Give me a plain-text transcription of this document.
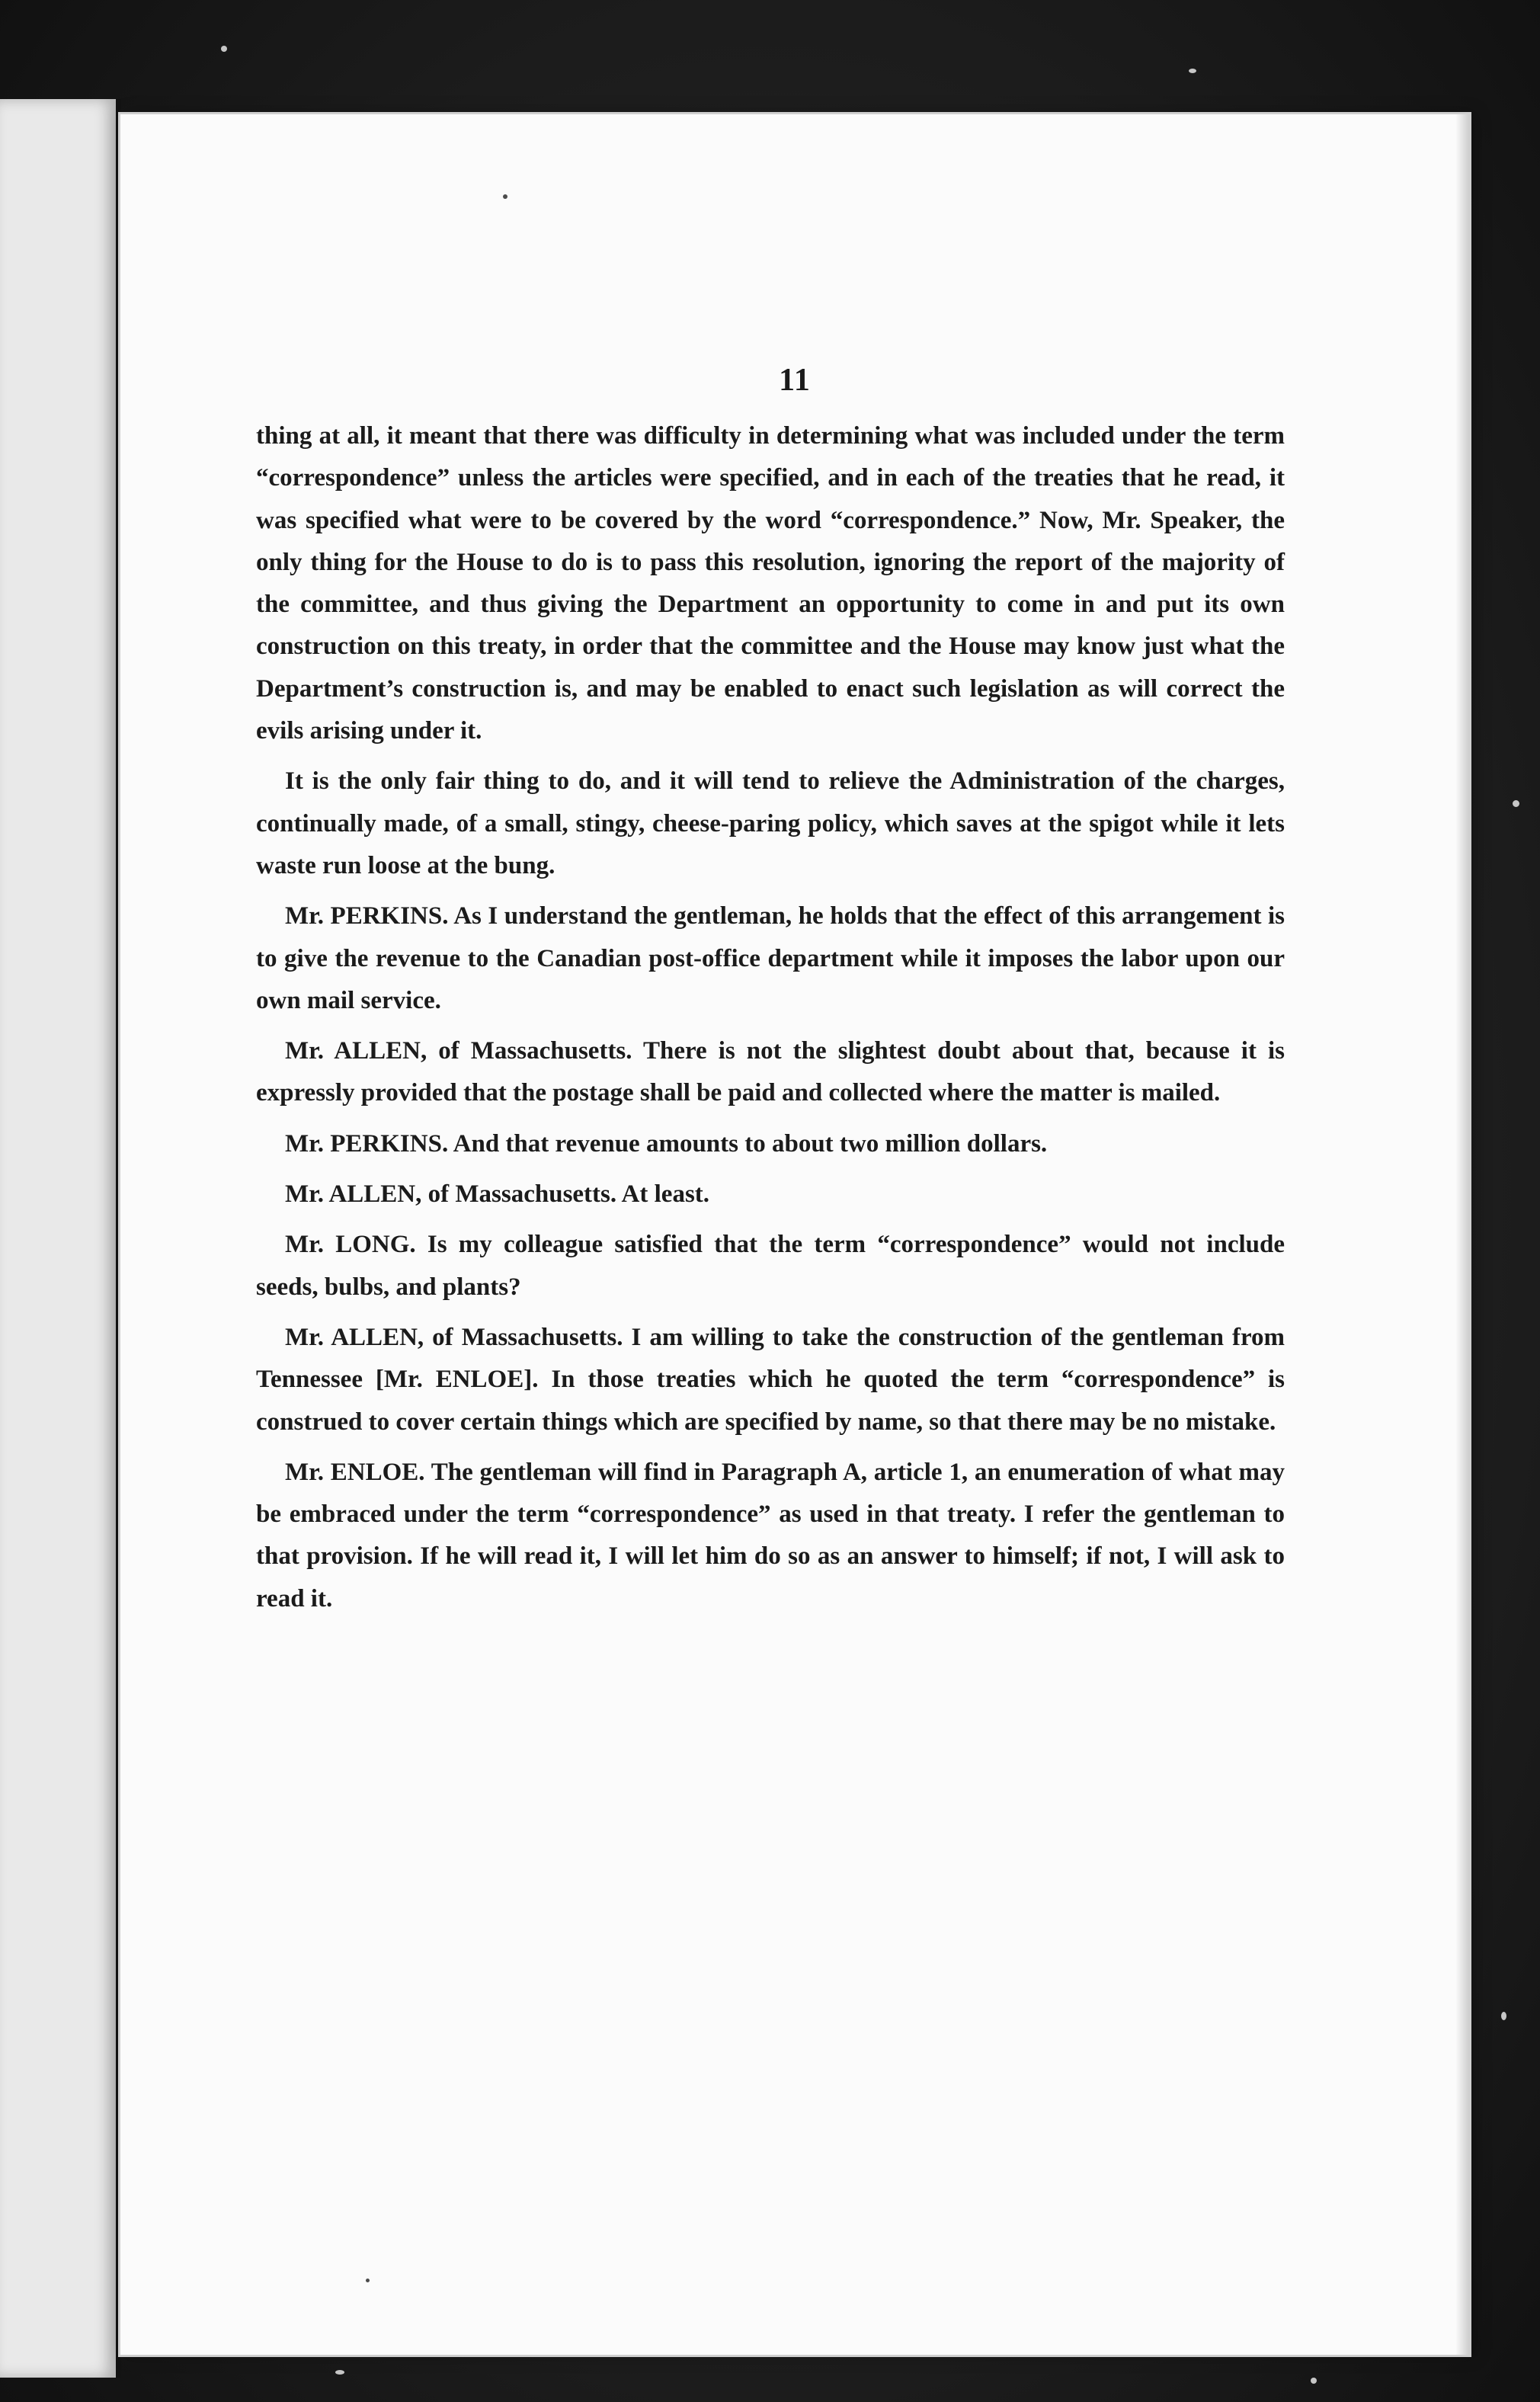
11

thing at all, it meant that there was difficulty in determining what was included under the term “correspondence” unless the articles were specified, and in each of the treaties that he read, it was specified what were to be covered by the word “correspondence.” Now, Mr. Speaker, the only thing for the House to do is to pass this resolution, ignoring the report of the majority of the committee, and thus giving the Department an opportunity to come in and put its own construction on this treaty, in order that the committee and the House may know just what the Department’s construction is, and may be enabled to enact such legislation as will correct the evils arising under it.

It is the only fair thing to do, and it will tend to relieve the Administration of the charges, continually made, of a small, stingy, cheese-paring policy, which saves at the spigot while it lets waste run loose at the bung.

Mr. PERKINS. As I understand the gentleman, he holds that the effect of this arrangement is to give the revenue to the Canadian post-office department while it imposes the labor upon our own mail service.

Mr. ALLEN, of Massachusetts. There is not the slightest doubt about that, because it is expressly provided that the postage shall be paid and collected where the matter is mailed.

Mr. PERKINS. And that revenue amounts to about two million dollars.

Mr. ALLEN, of Massachusetts. At least.

Mr. LONG. Is my colleague satisfied that the term “correspondence” would not include seeds, bulbs, and plants?

Mr. ALLEN, of Massachusetts. I am willing to take the construction of the gentleman from Tennessee [Mr. ENLOE]. In those treaties which he quoted the term “correspondence” is construed to cover certain things which are specified by name, so that there may be no mistake.

Mr. ENLOE. The gentleman will find in Paragraph A, article 1, an enumeration of what may be embraced under the term “correspondence” as used in that treaty. I refer the gentleman to that provision. If he will read it, I will let him do so as an answer to himself; if not, I will ask to read it.
